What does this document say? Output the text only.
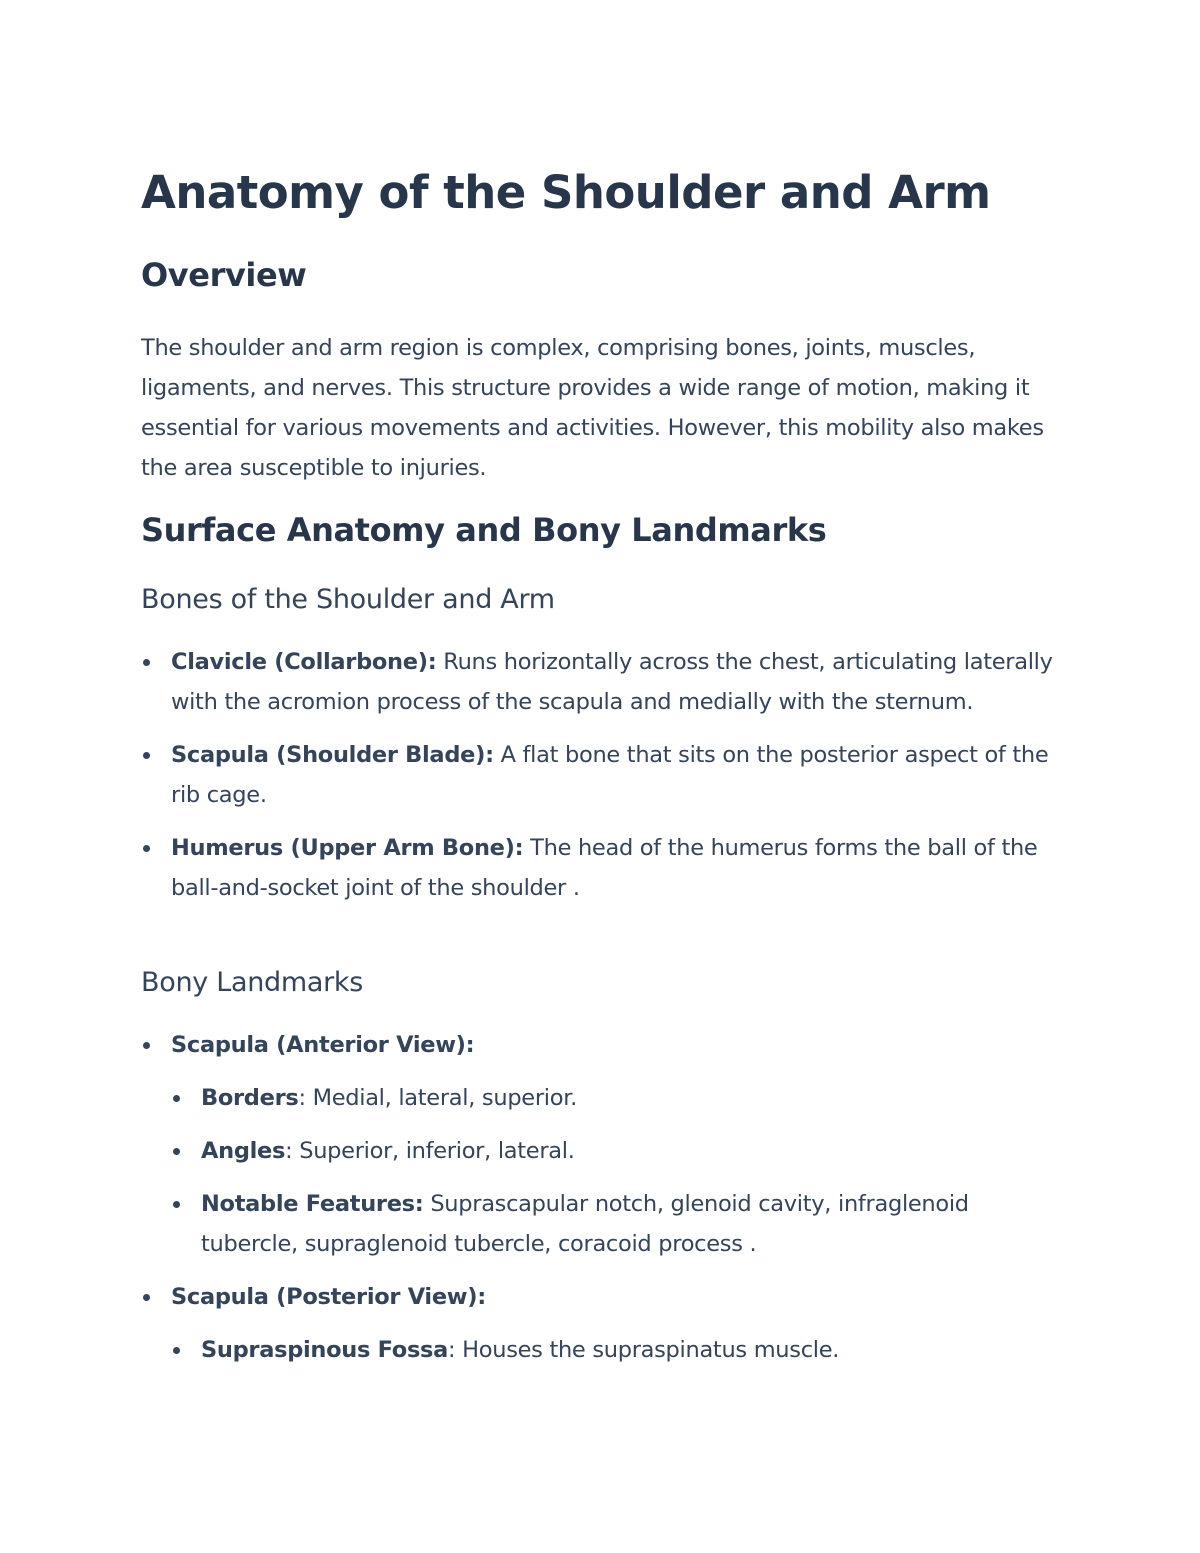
Anatomy of the Shoulder and Arm
Overview

The shoulder and arm region is complex, comprising bones, joints, muscles, ligaments, and nerves. This structure provides a wide range of motion, making it essential for various movements and activities. However, this mobility also makes the area susceptible to injuries.

Surface Anatomy and Bony Landmarks
Bones of the Shoulder and Arm
Clavicle (Collarbone): Runs horizontally across the chest, articulating laterally with the acromion process of the scapula and medially with the sternum.
Scapula (Shoulder Blade): A flat bone that sits on the posterior aspect of the rib cage.
Humerus (Upper Arm Bone): The head of the humerus forms the ball of the ball-and-socket joint of the shoulder .
Bony Landmarks
Scapula (Anterior View):
Borders: Medial, lateral, superior.
Angles: Superior, inferior, lateral.
Notable Features: Suprascapular notch, glenoid cavity, infraglenoid tubercle, supraglenoid tubercle, coracoid process .
Scapula (Posterior View):
Supraspinous Fossa: Houses the supraspinatus muscle.
